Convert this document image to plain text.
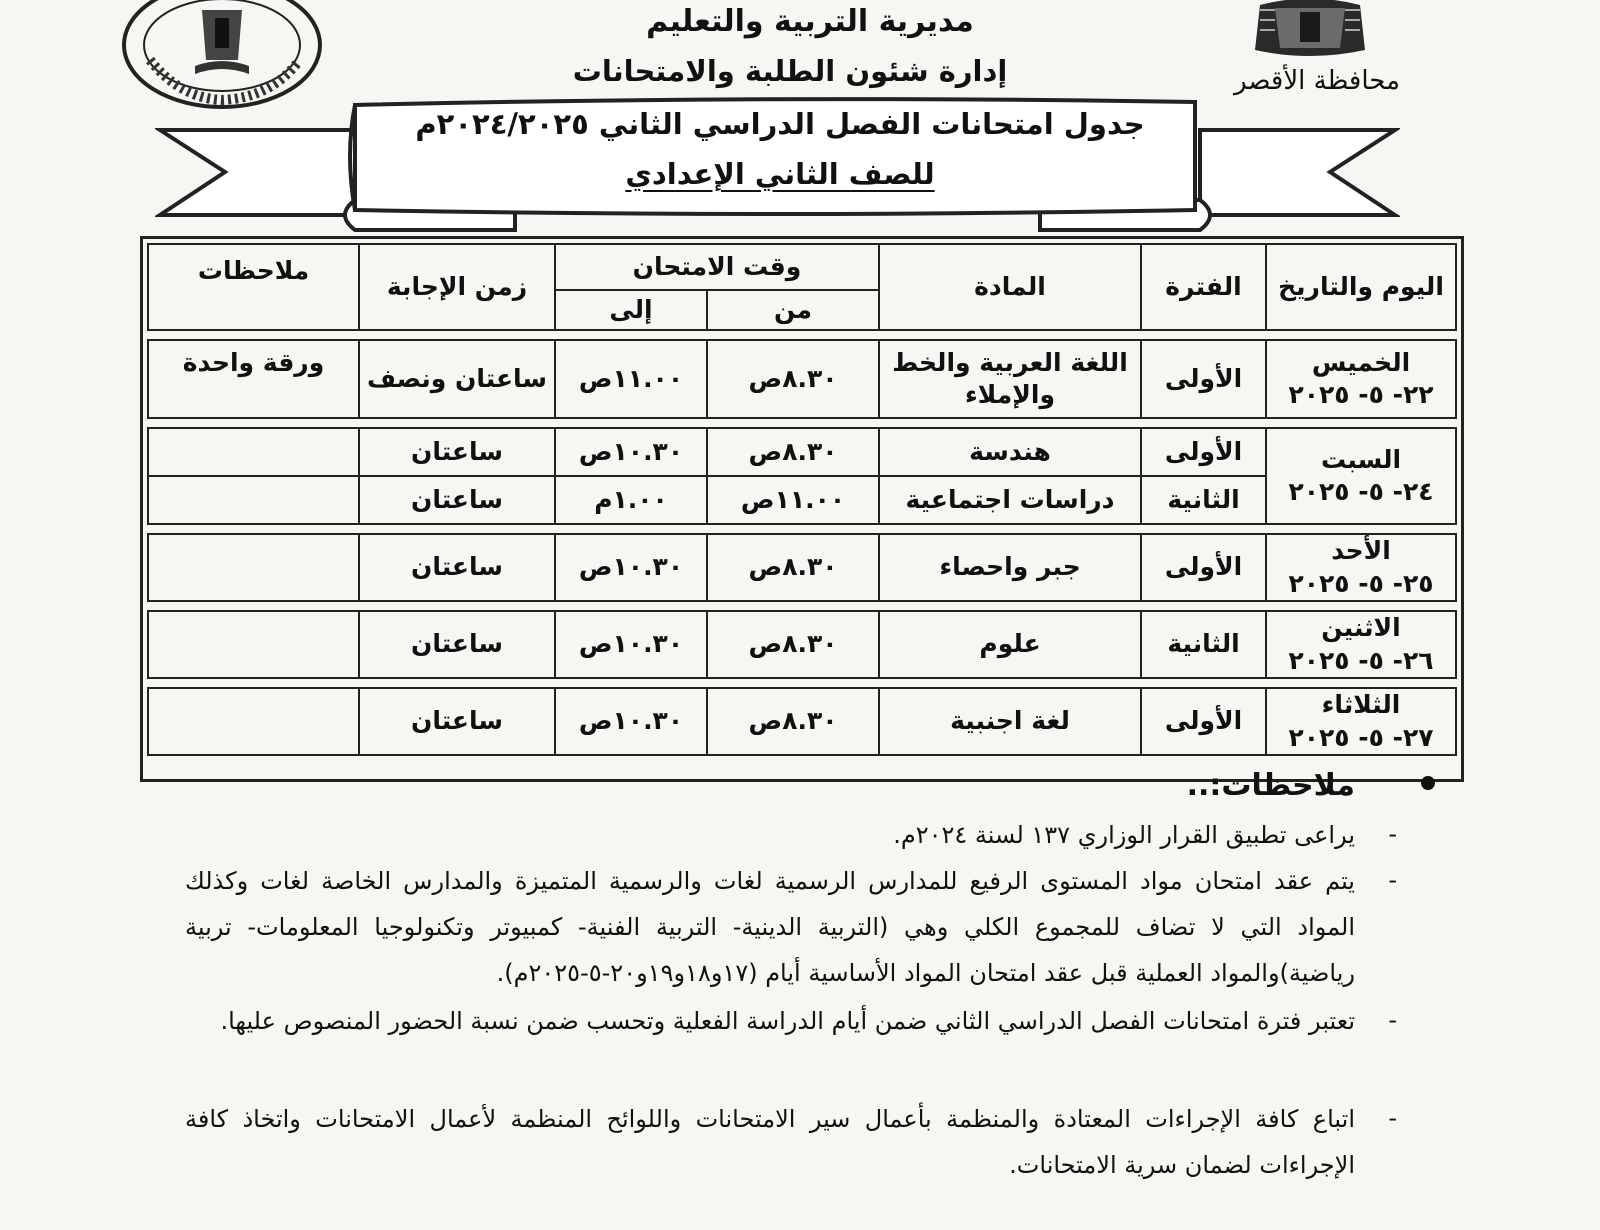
مديرية التربية والتعليم
إدارة شئون الطلبة والامتحانات	محافظة الأقصر
جدول امتحانات الفصل الدراسي الثاني ٢٠٢٤/٢٠٢٥م
للصف الثاني الإعدادي
اليوم والتاريخ	الفترة	المادة	وقت الامتحان		زمن الإجابة	ملاحظات
			من	إلى		

الخميس
٢٢- ٥- ٢٠٢٥	الأولى	اللغة العربية والخط والإملاء	٨.٣٠ص	١١.٠٠ص	ساعتان ونصف	ورقة واحدة

السبت
٢٤- ٥- ٢٠٢٥	الأولى	هندسة	٨.٣٠ص	١٠.٣٠ص	ساعتان	
	الثانية	دراسات اجتماعية	١١.٠٠ص	١.٠٠م	ساعتان	

الأحد
٢٥- ٥- ٢٠٢٥	الأولى	جبر واحصاء	٨.٣٠ص	١٠.٣٠ص	ساعتان	

الاثنين
٢٦- ٥- ٢٠٢٥	الثانية	علوم	٨.٣٠ص	١٠.٣٠ص	ساعتان	

الثلاثاء
٢٧- ٥- ٢٠٢٥	الأولى	لغة اجنبية	٨.٣٠ص	١٠.٣٠ص	ساعتان	
ملاحظات:..
-
يراعى تطبيق القرار الوزاري ١٣٧ لسنة ٢٠٢٤م.
-
يتم عقد امتحان مواد المستوى الرفيع للمدارس الرسمية لغات والرسمية المتميزة والمدارس الخاصة لغات وكذلك المواد التي لا تضاف للمجموع الكلي وهي (التربية الدينية- التربية الفنية- كمبيوتر وتكنولوجيا المعلومات- تربية رياضية)والمواد العملية قبل عقد امتحان المواد الأساسية أيام (١٧و١٨و١٩و٢٠-٥-٢٠٢٥م).
-
تعتبر فترة امتحانات الفصل الدراسي الثاني ضمن أيام الدراسة الفعلية وتحسب ضمن نسبة الحضور المنصوص عليها.
-
اتباع كافة الإجراءات المعتادة والمنظمة بأعمال سير الامتحانات واللوائح المنظمة لأعمال الامتحانات واتخاذ كافة الإجراءات لضمان سرية الامتحانات.
